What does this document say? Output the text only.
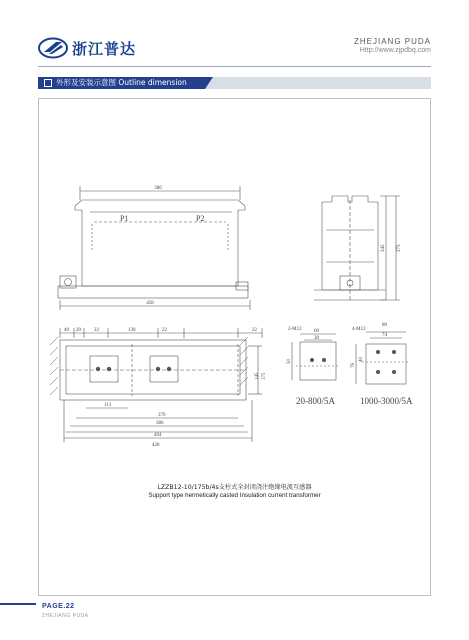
浙江普达	ZHEJIANG PUDA
Http://www.zjpdbq.com
外形及安装示意图 Outline dimension
386
P1	P2
458
345 373
40 20	22	130	22	22
145 175
113
370
386
404
428
2-M12 60
30
50
4-M12
80
74
76
40
20-800/5A	1000-3000/5A
LZZB12-10/175b/4s支柱式全封闭浇注绝缘电流互感器
Support type hermetically casted Insulation current transformer
PAGE.22
ZHEJIANG PUDA
